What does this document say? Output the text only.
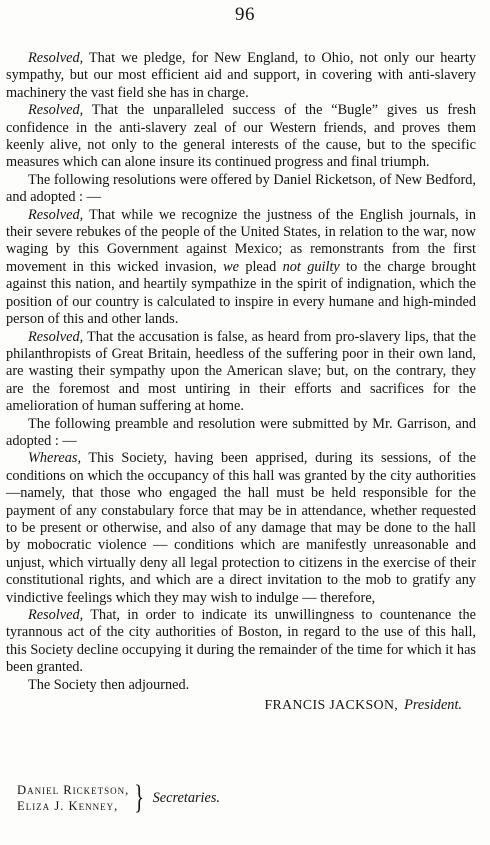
96

Resolved, That we pledge, for New England, to Ohio, not only our hearty sympathy, but our most efficient aid and support, in covering with anti-slavery machinery the vast field she has in charge.

Resolved, That the unparalleled success of the “Bugle” gives us fresh confidence in the anti-slavery zeal of our Western friends, and proves them keenly alive, not only to the general interests of the cause, but to the specific measures which can alone insure its continued progress and final triumph.

The following resolutions were offered by Daniel Ricketson, of New Bedford, and adopted : —

Resolved, That while we recognize the justness of the English journals, in their severe rebukes of the people of the United States, in relation to the war, now waging by this Government against Mexico; as remonstrants from the first movement in this wicked invasion, we plead not guilty to the charge brought against this nation, and heartily sympathize in the spirit of indignation, which the position of our country is calculated to inspire in every humane and high-minded person of this and other lands.

Resolved, That the accusation is false, as heard from pro-slavery lips, that the philanthropists of Great Britain, heedless of the suffering poor in their own land, are wasting their sympathy upon the American slave; but, on the contrary, they are the foremost and most untiring in their efforts and sacrifices for the amelioration of human suffering at home.

The following preamble and resolution were submitted by Mr. Garrison, and adopted : —

Whereas, This Society, having been apprised, during its sessions, of the conditions on which the occupancy of this hall was granted by the city authorities—namely, that those who engaged the hall must be held responsible for the payment of any constabulary force that may be in attendance, whether requested to be present or otherwise, and also of any damage that may be done to the hall by mobocratic violence — conditions which are manifestly unreasonable and unjust, which virtually deny all legal protection to citizens in the exercise of their constitutional rights, and which are a direct invitation to the mob to gratify any vindictive feelings which they may wish to indulge — therefore,

Resolved, That, in order to indicate its unwillingness to countenance the tyrannous act of the city authorities of Boston, in regard to the use of this hall, this Society decline occupying it during the remainder of the time for which it has been granted.

The Society then adjourned.

FRANCIS JACKSON, President.
Daniel Ricketson,
Eliza J. Kenney, } Secretaries.
